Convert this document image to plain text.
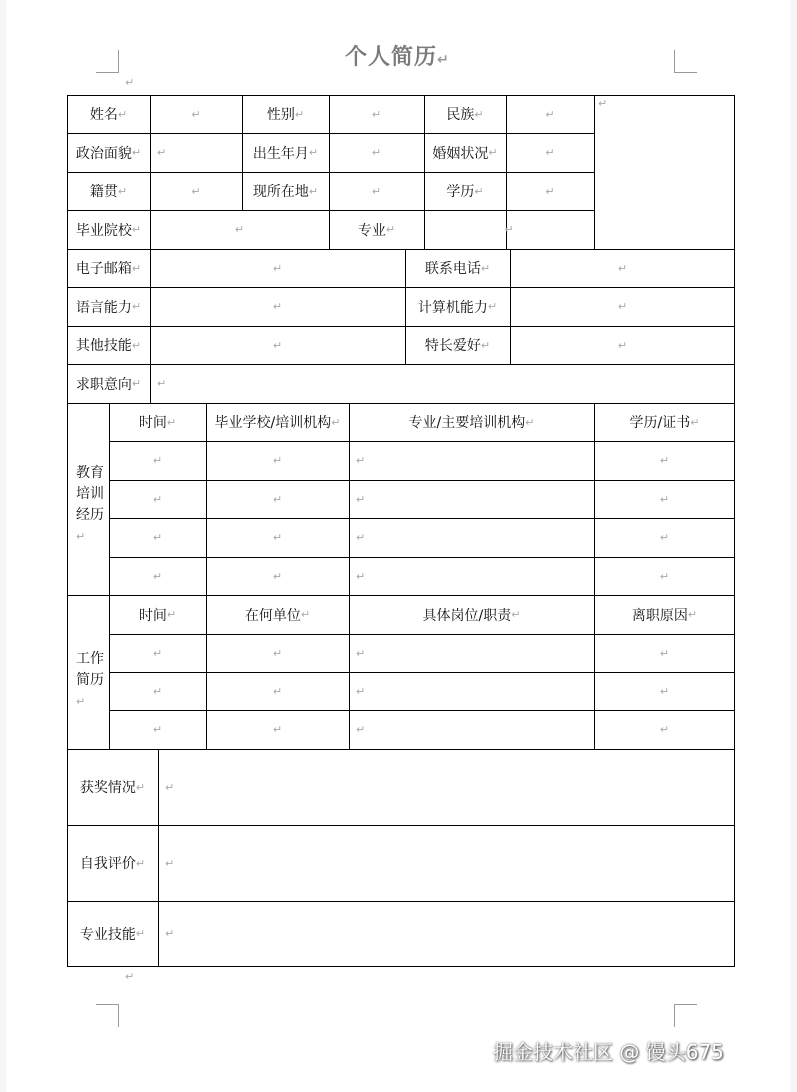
个人简历↵
↵
↵
姓名 ↵	↵	性别 ↵	↵	民族 ↵	↵
↵
政治面貌 ↵ ↵	出生年月 ↵	↵	婚姻状况 ↵	↵
籍贯 ↵	↵	现所在地 ↵	↵	学历 ↵	↵
毕业院校 ↵	↵	专业 ↵	↵
电子邮箱 ↵	↵	联系电话 ↵	↵
语言能力 ↵	↵	计算机能力 ↵	↵
其他技能 ↵	↵	特长爱好 ↵	↵
求职意向 ↵ ↵
教育培训经历↵
时间 ↵	毕业学校/培训机构 ↵	专业/主要培训机构 ↵	学历/证书 ↵
↵	↵	↵	↵
↵	↵	↵	↵
↵	↵	↵	↵
↵	↵	↵	↵
工作简历↵
时间 ↵	在何单位 ↵	具体岗位/职责 ↵	离职原因 ↵
↵	↵	↵	↵
↵	↵	↵	↵
↵	↵	↵	↵
获奖情况 ↵ ↵
自我评价 ↵ ↵
专业技能 ↵ ↵
掘金技术社区 @ 馒头675
